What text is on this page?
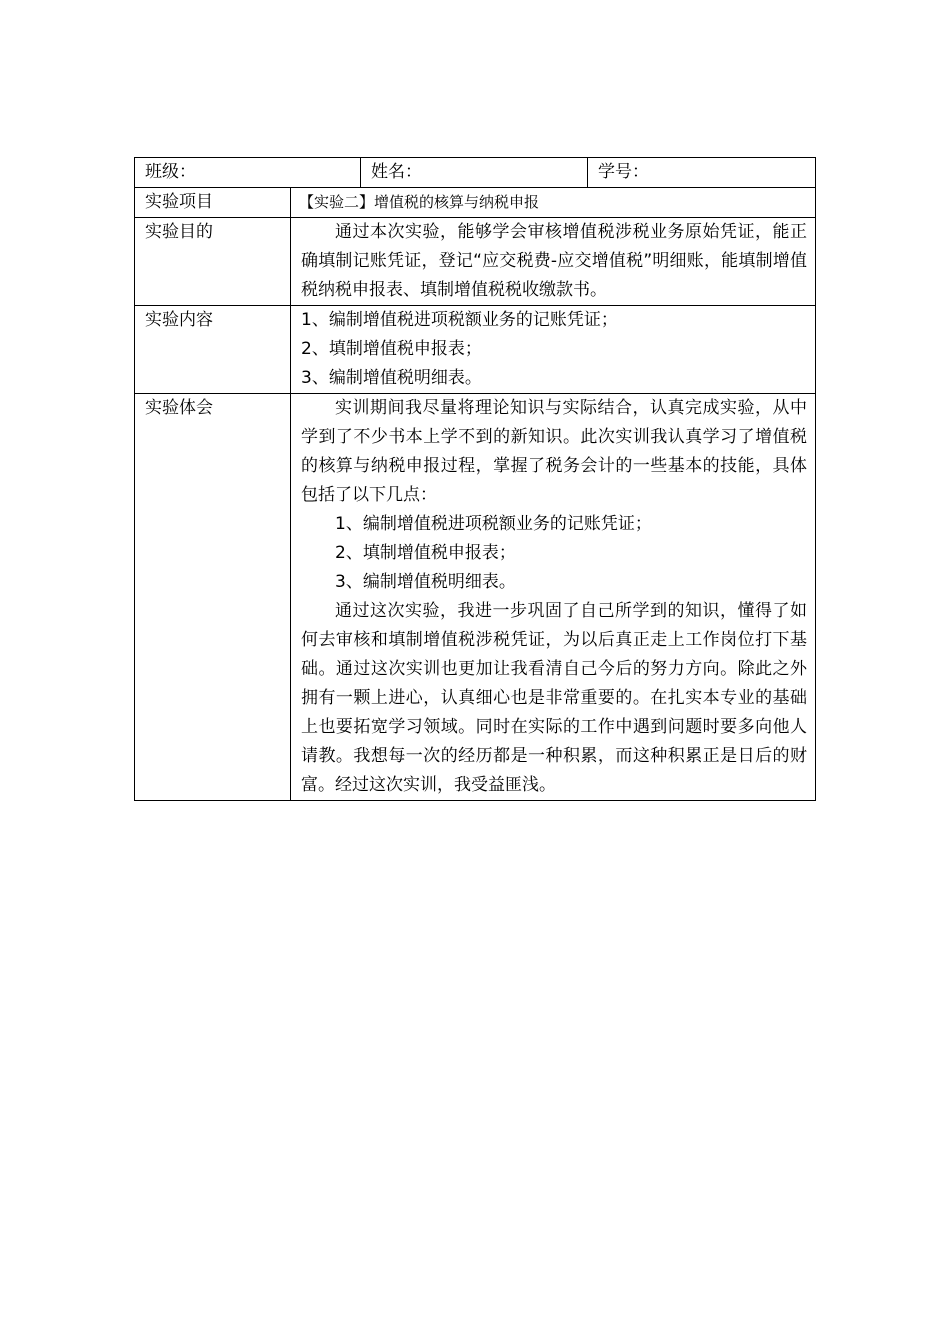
班级：		姓名：	学号：
实验项目	【实验二】增值税的核算与纳税申报		
实验目的	通过本次实验，能够学会审核增值税涉税业务原始凭证，能正确填制记账凭证，登记“应交税费-应交增值税”明细账，能填制增值税纳税申报表、填制增值税税收缴款书。		

实验内容	1、编制增值税进项税额业务的记账凭证；

2、填制增值税申报表；

3、编制增值税明细表。		

实验体会	实训期间我尽量将理论知识与实际结合，认真完成实验，从中学到了不少书本上学不到的新知识。此次实训我认真学习了增值税的核算与纳税申报过程，掌握了税务会计的一些基本的技能，具体包括了以下几点：

1、编制增值税进项税额业务的记账凭证；

2、填制增值税申报表；

3、编制增值税明细表。

通过这次实验，我进一步巩固了自己所学到的知识，懂得了如何去审核和填制增值税涉税凭证，为以后真正走上工作岗位打下基础。通过这次实训也更加让我看清自己今后的努力方向。除此之外拥有一颗上进心，认真细心也是非常重要的。在扎实本专业的基础上也要拓宽学习领域。同时在实际的工作中遇到问题时要多向他人请教。我想每一次的经历都是一种积累，而这种积累正是日后的财富。经过这次实训，我受益匪浅。		
